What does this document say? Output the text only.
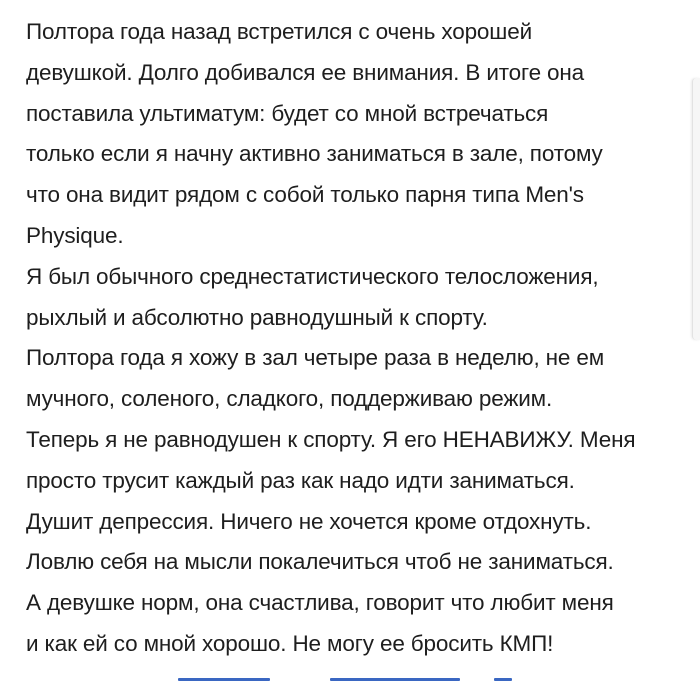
Полтора года назад встретился с очень хорошей
девушкой. Долго добивался ее внимания. В итоге она
поставила ультиматум: будет со мной встречаться
только если я начну активно заниматься в зале, потому
что она видит рядом с собой только парня типа Men's
Physique.
Я был обычного среднестатистического телосложения,
рыхлый и абсолютно равнодушный к спорту.
Полтора года я хожу в зал четыре раза в неделю, не ем
мучного, соленого, сладкого, поддерживаю режим.
Теперь я не равнодушен к спорту. Я его НЕНАВИЖУ. Меня
просто трусит каждый раз как надо идти заниматься.
Душит депрессия. Ничего не хочется кроме отдохнуть.
Ловлю себя на мысли покалечиться чтоб не заниматься.
А девушке норм, она счастлива, говорит что любит меня
и как ей со мной хорошо. Не могу ее бросить КМП!
